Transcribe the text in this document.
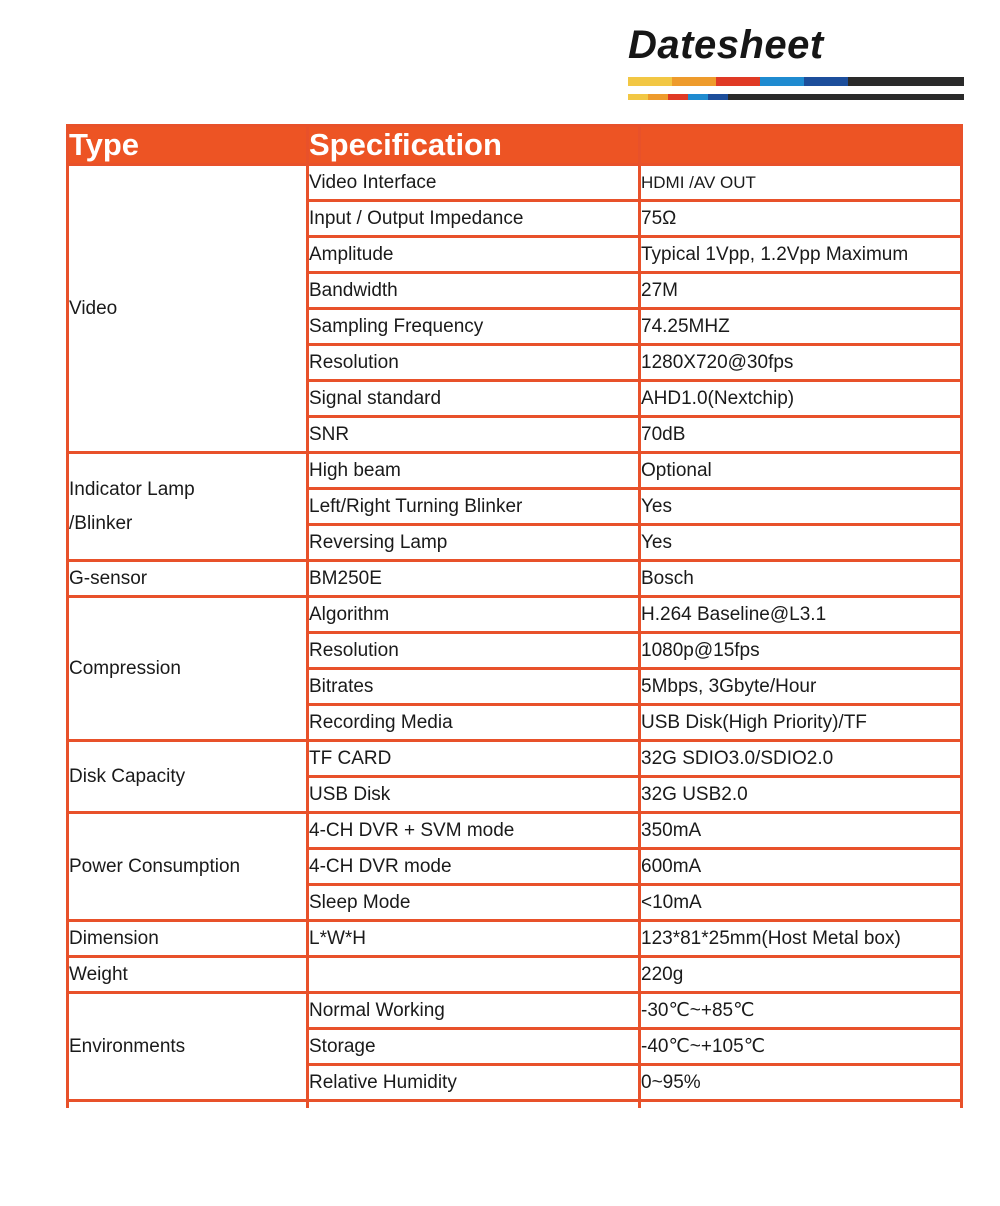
Datesheet
Type	Specification	

Video	Video Interface	HDMI /AV OUT
	Input / Output Impedance	75Ω
	Amplitude	Typical 1Vpp, 1.2Vpp Maximum
	Bandwidth	27M
	Sampling Frequency	74.25MHZ
	Resolution	1280X720@30fps
	Signal standard	AHD1.0(Nextchip)
	SNR	70dB

Indicator Lamp
/Blinker	High beam	Optional
	Left/Right Turning Blinker	Yes
	Reversing Lamp	Yes

G-sensor	BM250E	Bosch

Compression	Algorithm	H.264 Baseline@L3.1
	Resolution	1080p@15fps
	Bitrates	5Mbps, 3Gbyte/Hour
	Recording Media	USB Disk(High Priority)/TF

Disk Capacity	TF CARD	32G SDIO3.0/SDIO2.0
	USB Disk	32G USB2.0

Power Consumption	4-CH DVR + SVM mode	350mA
	4-CH DVR mode	600mA
	Sleep Mode	<10mA

Dimension	L*W*H	123*81*25mm(Host Metal box)

Weight		220g

Environments	Normal Working	-30℃~+85℃
	Storage	-40℃~+105℃
	Relative Humidity	0~95%
